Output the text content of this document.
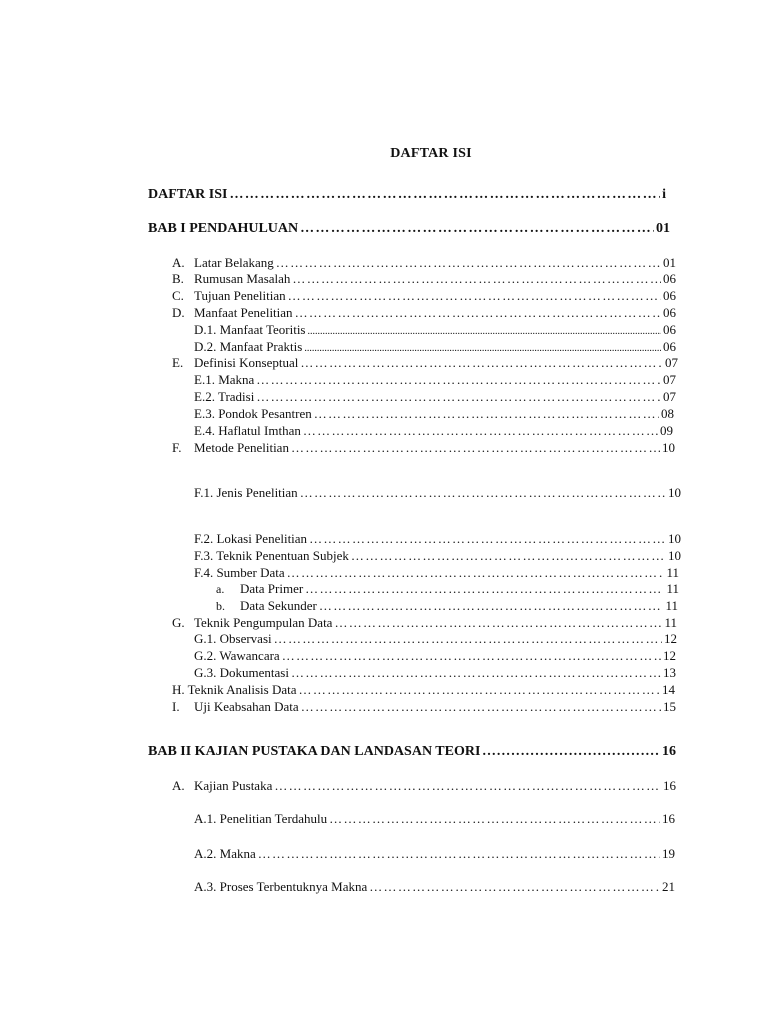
DAFTAR ISI
DAFTAR ISI …………………………………………………………………………………………………………………………………………………………………………………………………………………………………………………………	i
BAB I PENDAHULUAN …………………………………………………………………………………………………………………………………………………………………………………………………………………………………………………………	01
A. Latar Belakang …………………………………………………………………………………………………………………………………………………………………………………………………………………………………………………………	01
B. Rumusan Masalah …………………………………………………………………………………………………………………………………………………………………………………………………………………………………………………………	06
C. Tujuan Penelitian …………………………………………………………………………………………………………………………………………………………………………………………………………………………………………………………	06
D. Manfaat Penelitian …………………………………………………………………………………………………………………………………………………………………………………………………………………………………………………………	06
D.1. Manfaat Teoritis .....	06
D.2. Manfaat Praktis .....	06
E. Definisi Konseptual …………………………………………………………………………………………………………………………………………………………………………………………………………………………………………………………	07
E.1. Makna …………………………………………………………………………………………………………………………………………………………………………………………………………………………………………………………	07
E.2. Tradisi …………………………………………………………………………………………………………………………………………………………………………………………………………………………………………………………	07
E.3. Pondok Pesantren …………………………………………………………………………………………………………………………………………………………………………………………………………………………………………………………	08
E.4. Haflatul Imthan …………………………………………………………………………………………………………………………………………………………………………………………………………………………………………………………	09
F. Metode Penelitian …………………………………………………………………………………………………………………………………………………………………………………………………………………………………………………………	10
F.1. Jenis Penelitian …………………………………………………………………………………………………………………………………………………………………………………………………………………………………………………………	10
F.2. Lokasi Penelitian …………………………………………………………………………………………………………………………………………………………………………………………………………………………………………………………	10
F.3. Teknik Penentuan Subjek …………………………………………………………………………………………………………………………………………………………………………………………………………………………………………………………	10
F.4. Sumber Data …………………………………………………………………………………………………………………………………………………………………………………………………………………………………………………………	11
a.	Data Primer …………………………………………………………………………………………………………………………………………………………………………………………………………………………………………………………	11
b.	Data Sekunder …………………………………………………………………………………………………………………………………………………………………………………………………………………………………………………………	11
G. Teknik Pengumpulan Data …………………………………………………………………………………………………………………………………………………………………………………………………………………………………………………………	11
G.1. Observasi …………………………………………………………………………………………………………………………………………………………………………………………………………………………………………………………	12
G.2. Wawancara …………………………………………………………………………………………………………………………………………………………………………………………………………………………………………………………	12
G.3. Dokumentasi …………………………………………………………………………………………………………………………………………………………………………………………………………………………………………………………	13
H. Teknik Analisis Data …………………………………………………………………………………………………………………………………………………………………………………………………………………………………………………………	14
I.	Uji Keabsahan Data …………………………………………………………………………………………………………………………………………………………………………………………………………………………………………………………	15
BAB II KAJIAN PUSTAKA DAN LANDASAN TEORI .....	16
A. Kajian Pustaka …………………………………………………………………………………………………………………………………………………………………………………………………………………………………………………………	16
A.1. Penelitian Terdahulu …………………………………………………………………………………………………………………………………………………………………………………………………………………………………………………………	16
A.2. Makna …………………………………………………………………………………………………………………………………………………………………………………………………………………………………………………………	19
A.3. Proses Terbentuknya Makna …………………………………………………………………………………………………………………………………………………………………………………………………………………………………………………………	21
